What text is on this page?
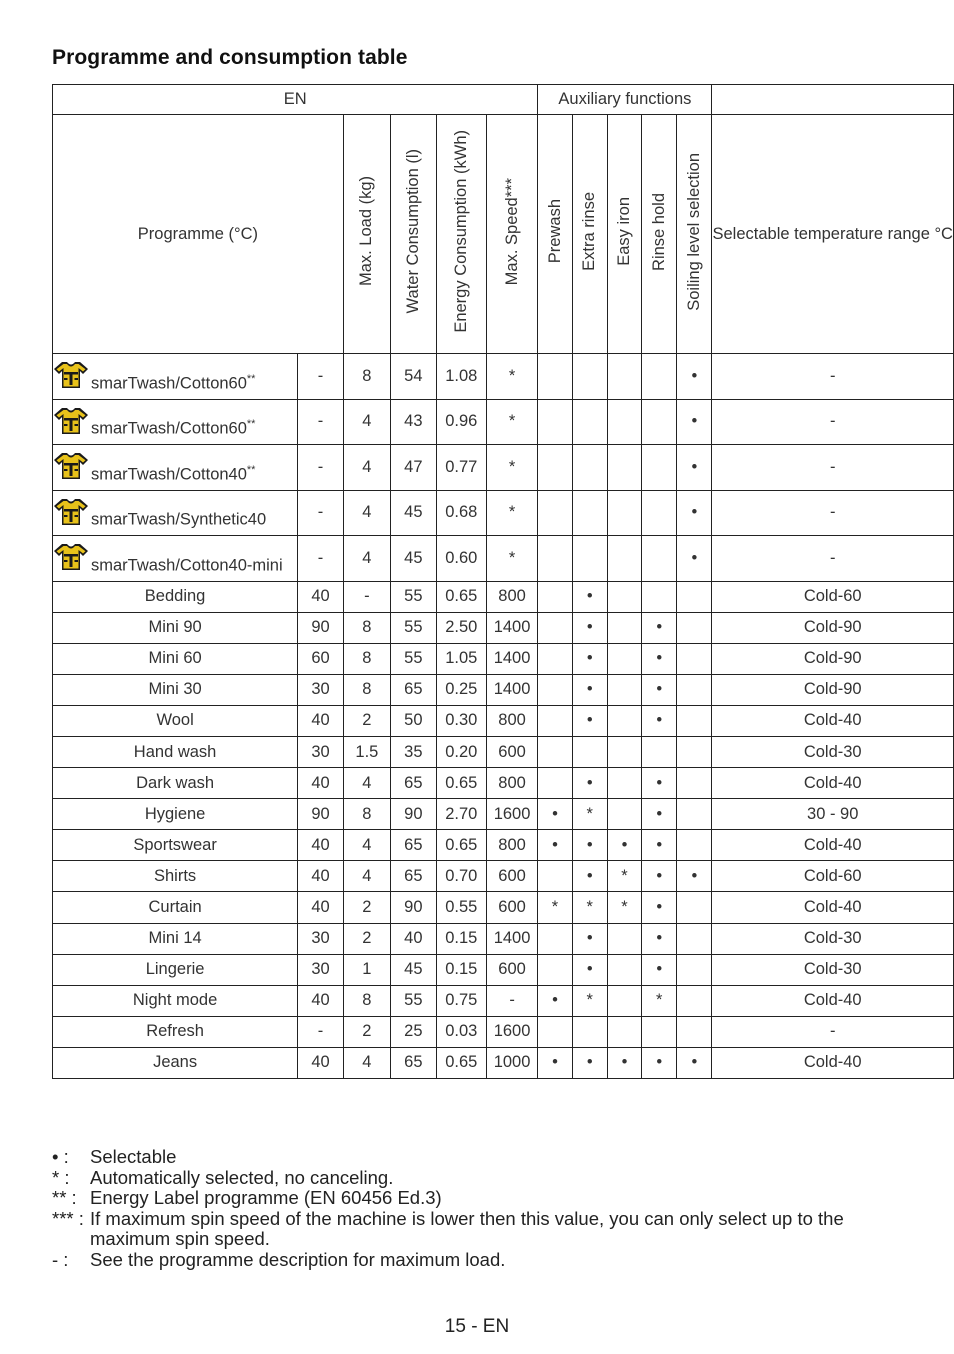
Programme and consumption table
EN						Auxiliary functions					
Programme (°C)		Max. Load (kg)	Water Consumption (l)	Energy Consumption (kWh)	Max. Speed***	Prewash	Extra rinse	Easy iron	Rinse hold	Soiling level selection	Selectable temperature range °C

smarTwash/Cotton60**	-	8	54	1.08	*					•	-

smarTwash/Cotton60**	-	4	43	0.96	*					•	-

smarTwash/Cotton40**	-	4	47	0.77	*					•	-

smarTwash/Synthetic40	-	4	45	0.68	*					•	-

smarTwash/Cotton40-mini	-	4	45	0.60	*					•	-
Bedding	40	-	55	0.65	800		•				Cold-60
Mini 90	90	8	55	2.50	1400		•		•		Cold-90
Mini 60	60	8	55	1.05	1400		•		•		Cold-90
Mini 30	30	8	65	0.25	1400		•		•		Cold-90
Wool	40	2	50	0.30	800		•		•		Cold-40
Hand wash	30	1.5	35	0.20	600						Cold-30
Dark wash	40	4	65	0.65	800		•		•		Cold-40
Hygiene	90	8	90	2.70	1600	•	*		•		30 - 90
Sportswear	40	4	65	0.65	800	•	•	•	•		Cold-40
Shirts	40	4	65	0.70	600		•	*	•	•	Cold-60
Curtain	40	2	90	0.55	600	*	*	*	•		Cold-40
Mini 14	30	2	40	0.15	1400		•		•		Cold-30
Lingerie	30	1	45	0.15	600		•		•		Cold-30
Night mode	40	8	55	0.75	-	•	*		*		Cold-40
Refresh	-	2	25	0.03	1600						-
Jeans	40	4	65	0.65	1000	•	•	•	•	•	Cold-40
• :	Selectable
* :	Automatically selected, no canceling.
** : Energy Label programme (EN 60456 Ed.3)
*** : If maximum spin speed of the machine is lower then this value, you can only select up to the maximum spin speed.
- :	See the programme description for maximum load.
15 - EN
